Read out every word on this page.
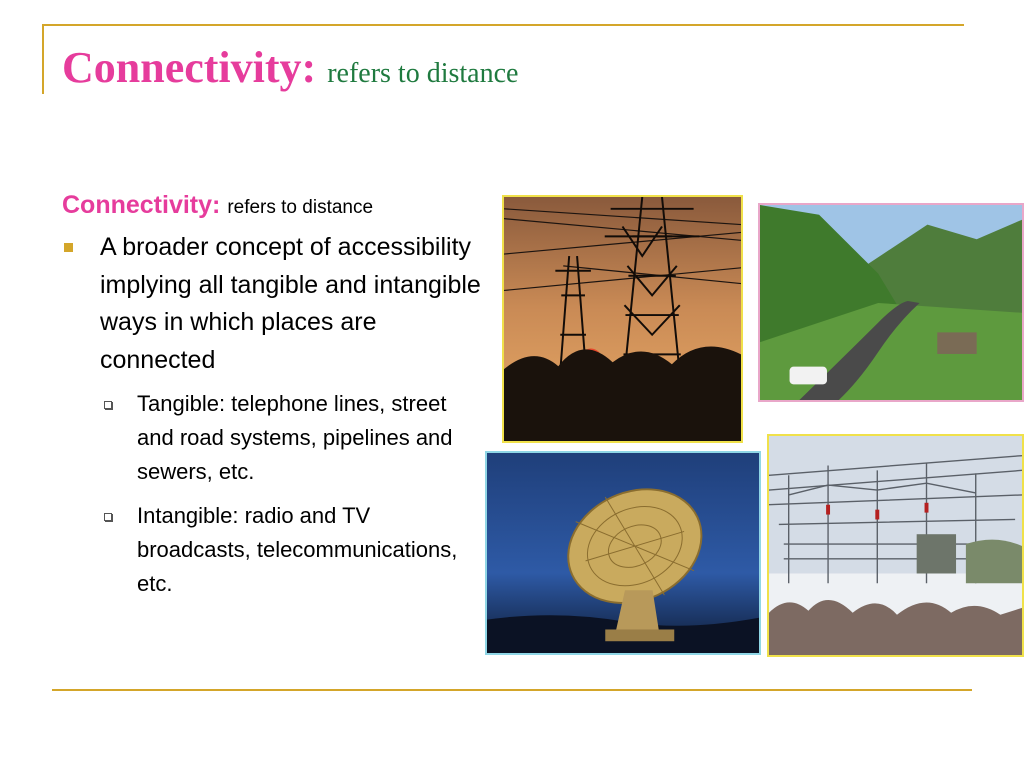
Connectivity: refers to distance

Connectivity: refers to distance

A broader concept of accessibility implying all tangible and intangible ways in which places are connected

Tangible: telephone lines, street and road systems, pipelines and sewers, etc.

Intangible: radio and TV broadcasts, telecommunications, etc.
